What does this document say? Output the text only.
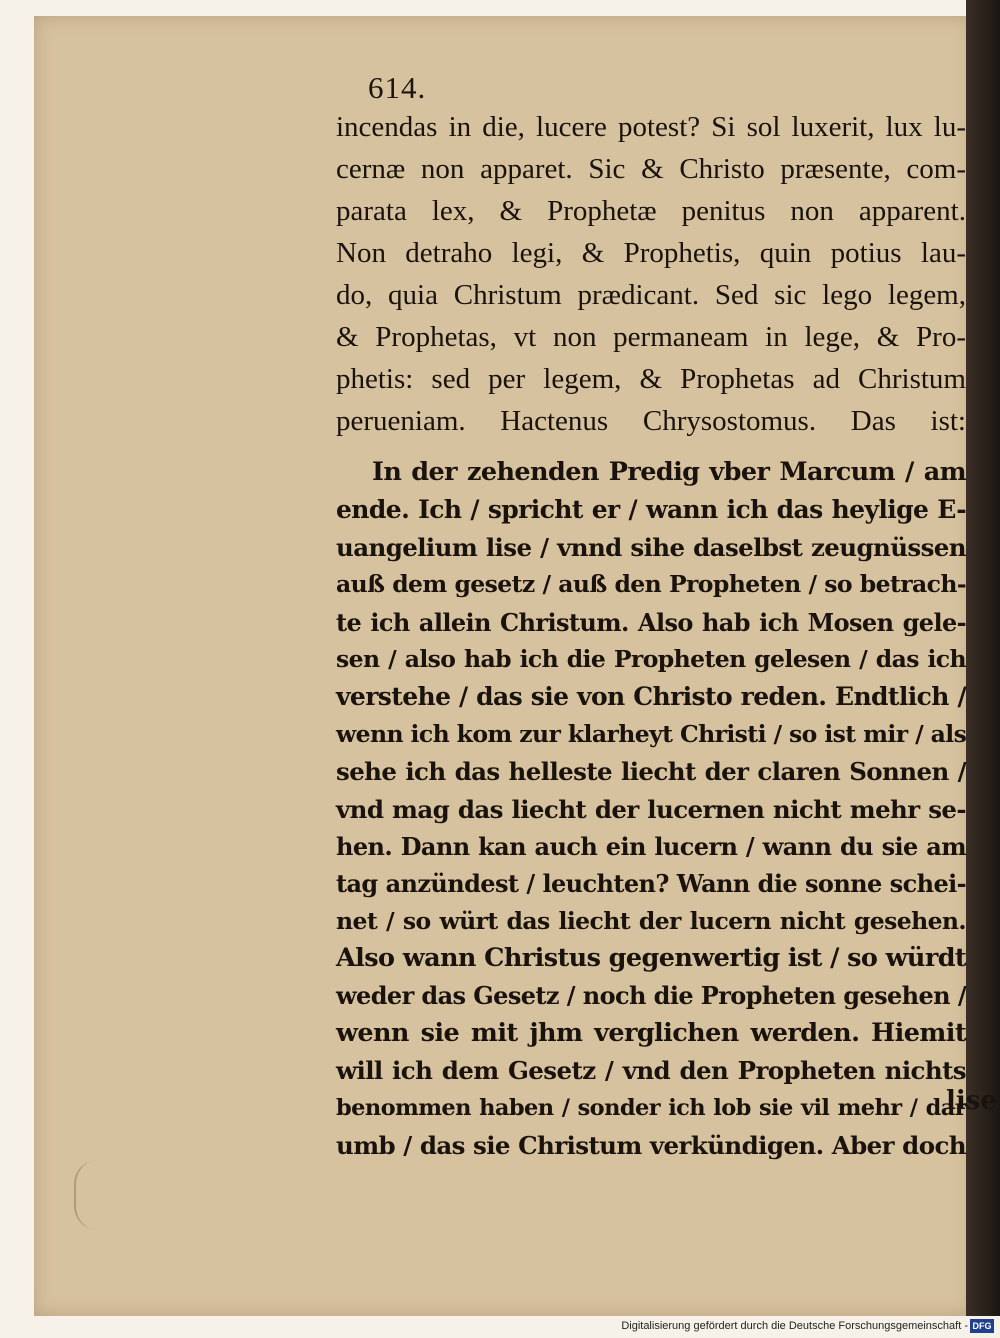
614.
incendas in die, lucere potest? Si sol luxerit, lux lu-
cernæ non apparet. Sic & Christo præsente, com-
parata lex, & Prophetæ penitus non apparent.
Non detraho legi, & Prophetis, quin potius lau-
do, quia Christum prædicant. Sed sic lego legem,
& Prophetas, vt non permaneam in lege, & Pro-
phetis: sed per legem, & Prophetas ad Christum
perueniam. Hactenus Chrysostomus. Das ist:
In der zehenden Predig vber Marcum / am
ende. Ich / spricht er / wann ich das heylige E-
uangelium lise / vnnd sihe daselbst zeugnüssen
auß dem gesetz / auß den Propheten / so betrach-
te ich allein Christum. Also hab ich Mosen gele-
sen / also hab ich die Propheten gelesen / das ich
verstehe / das sie von Christo reden. Endtlich /
wenn ich kom zur klarheyt Christi / so ist mir / als
sehe ich das helleste liecht der claren Sonnen /
vnd mag das liecht der lucernen nicht mehr se-
hen. Dann kan auch ein lucern / wann du sie am
tag anzündest / leuchten? Wann die sonne schei-
net / so würt das liecht der lucern nicht gesehen.
Also wann Christus gegenwertig ist / so würdt
weder das Gesetz / noch die Propheten gesehen /
wenn sie mit jhm verglichen werden. Hiemit
will ich dem Gesetz / vnd den Propheten nichts
benommen haben / sonder ich lob sie vil mehr / dar
umb / das sie Christum verkündigen. Aber doch
lise
Digitalisierung gefördert durch die Deutsche Forschungsgemeinschaft - DFG
